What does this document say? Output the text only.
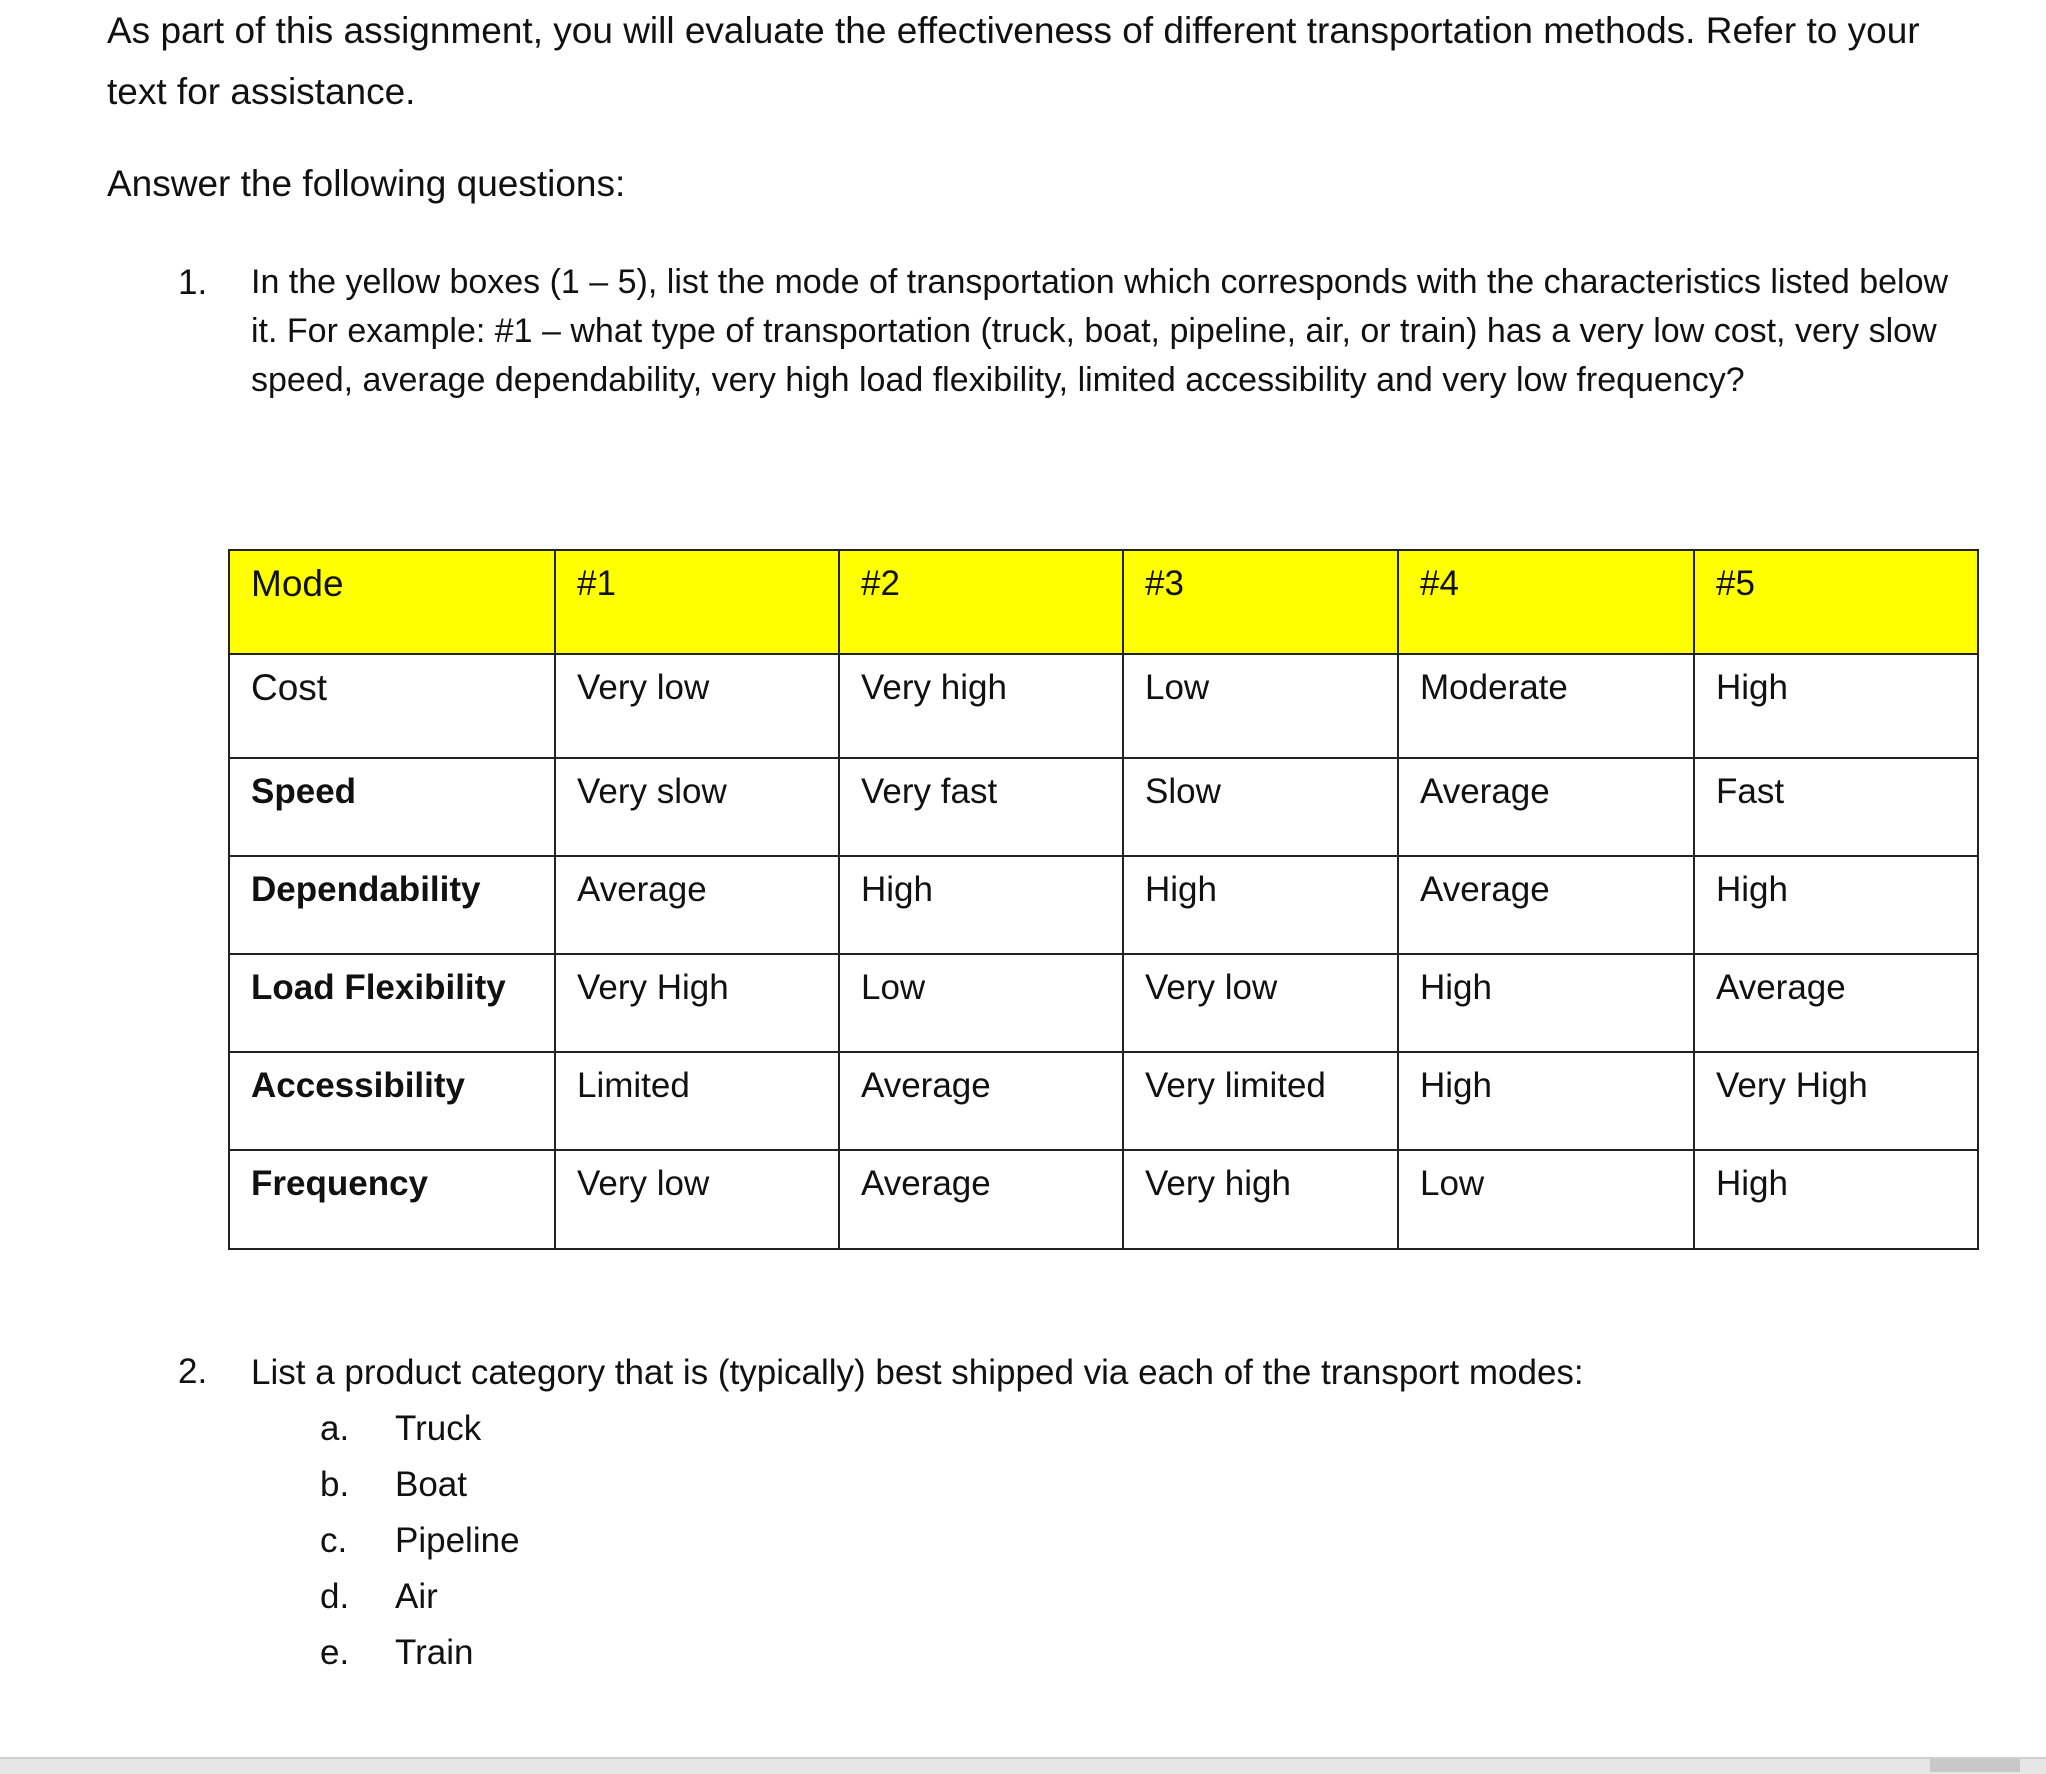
As part of this assignment, you will evaluate the effectiveness of different transportation methods. Refer to your text for assistance.

Answer the following questions:

1. In the yellow boxes (1 – 5), list the mode of transportation which corresponds with the characteristics listed below it. For example: #1 – what type of transportation (truck, boat, pipeline, air, or train) has a very low cost, very slow speed, average dependability, very high load flexibility, limited accessibility and very low frequency?

Mode	#1	#2	#3	#4	#5
Cost	Very low	Very high	Low	Moderate	High
Speed	Very slow	Very fast	Slow	Average	Fast
Dependability	Average	High	High	Average	High
Load Flexibility	Very High	Low	Very low	High	Average
Accessibility	Limited	Average	Very limited	High	Very High
Frequency	Very low	Average	Very high	Low	High
2. List a product category that is (typically) best shipped via each of the transport modes:

a. Truck
b. Boat
c. Pipeline
d. Air
e. Train
